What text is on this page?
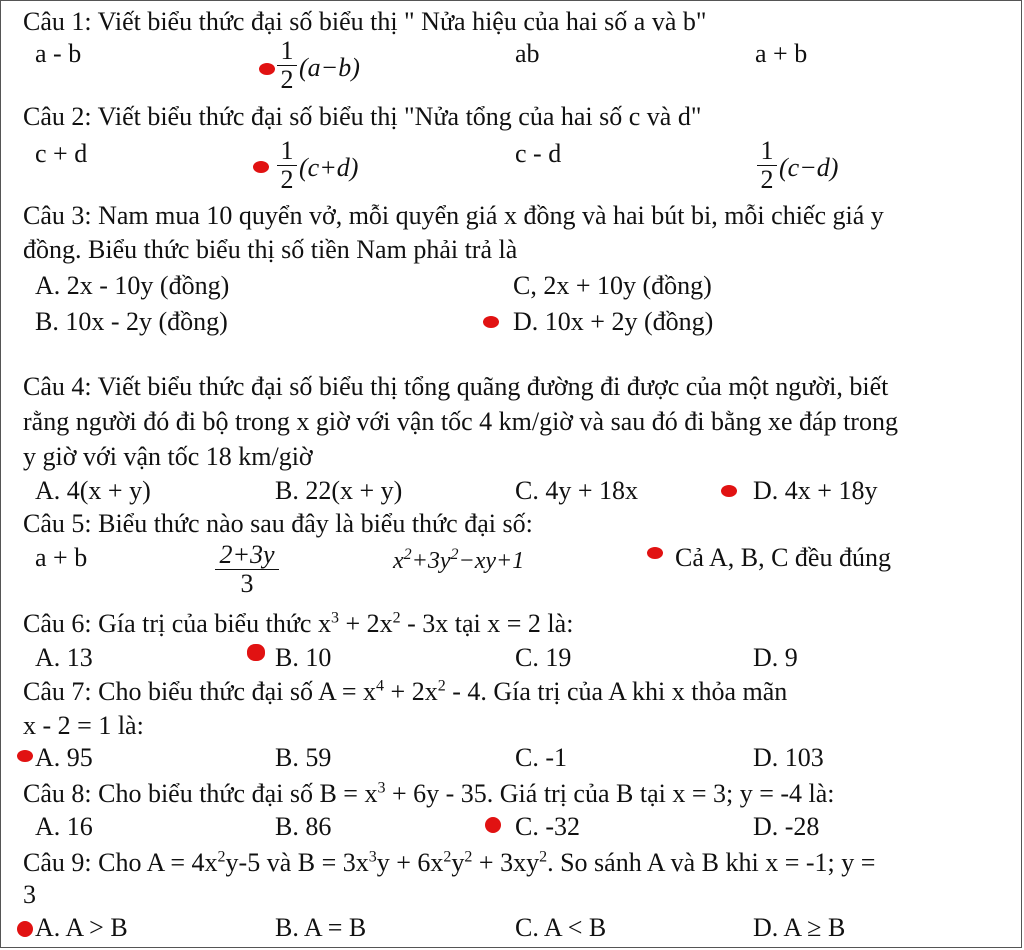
Câu 1: Viết biểu thức đại số biểu thị " Nửa hiệu của hai số a và b"
a - b	$\frac{1}{2} (a-b)$	ab	a + b
Câu 2: Viết biểu thức đại số biểu thị "Nửa tổng của hai số c và d"
c + d	$\frac{1}{2} (c+d)$	c - d	$\frac{1}{2} (c-d)$
Câu 3: Nam mua 10 quyển vở, mỗi quyển giá x đồng và hai bút bi, mỗi chiếc giá y
đồng. Biểu thức biểu thị số tiền Nam phải trả là
A. 2x - 10y (đồng)	C, 2x + 10y (đồng)
B. 10x - 2y (đồng)	D. 10x + 2y (đồng)
Câu 4: Viết biểu thức đại số biểu thị tổng quãng đường đi được của một người, biết
rằng người đó đi bộ trong x giờ với vận tốc 4 km/giờ và sau đó đi bằng xe đáp trong
y giờ với vận tốc 18 km/giờ
A. 4(x + y)	B. 22(x + y)	C. 4y + 18x	D. 4x + 18y
Câu 5: Biểu thức nào sau đây là biểu thức đại số:
a + b	$\frac{2+3y}{3}$	$x^2+3y^2-xy+1$	Cả A, B, C đều đúng
Câu 6: Gía trị của biểu thức $x^3 + 2x^2 - 3x$ tại x = 2 là:
A. 13	B. 10	C. 19	D. 9
Câu 7: Cho biểu thức đại số $A = x^4 + 2x^2 - 4$. Gía trị của A khi x thỏa mãn
x - 2 = 1 là:
A. 95	B. 59	C. -1	D. 103
Câu 8: Cho biểu thức đại số $B = x^3 + 6y - 35$. Giá trị của B tại x = 3; y = -4 là:
A. 16	B. 86	C. -32	D. -28
Câu 9: Cho $A = 4x^2y-5$ và $B = 3x^3y + 6x^2y^2 + 3xy^2$. So sánh A và B khi x = -1; y =
3
A. A > B	B. A = B	C. A < B	D. A ≥ B
